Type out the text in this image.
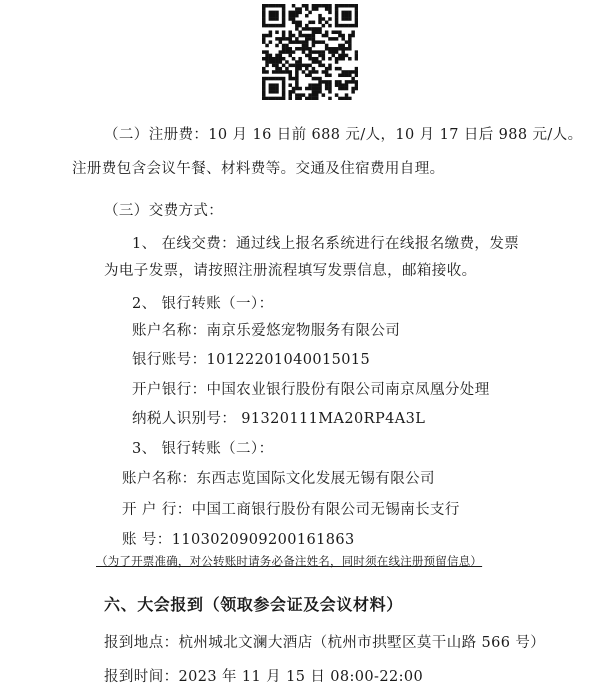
（二）注册费：10 月 16 日前 688 元/人，10 月 17 日后 988 元/人。
注册费包含会议午餐、材料费等。交通及住宿费用自理。
（三）交费方式：
1、 在线交费：通过线上报名系统进行在线报名缴费，发票
为电子发票，请按照注册流程填写发票信息，邮箱接收。
2、 银行转账（一）：
账户名称：南京乐爱悠宠物服务有限公司
银行账号：10122201040015015
开户银行：中国农业银行股份有限公司南京凤凰分处理
纳税人识别号： 91320111MA20RP4A3L
3、 银行转账（二）：
账户名称：东西志览国际文化发展无锡有限公司
开 户 行：中国工商银行股份有限公司无锡南长支行
账 号：1103020909200161863
（为了开票准确，对公转账时请务必备注姓名，同时须在线注册预留信息）
六、大会报到（领取参会证及会议材料）
报到地点：杭州城北文澜大酒店（杭州市拱墅区莫干山路 566 号）
报到时间：2023 年 11 月 15 日 08:00-22:00
